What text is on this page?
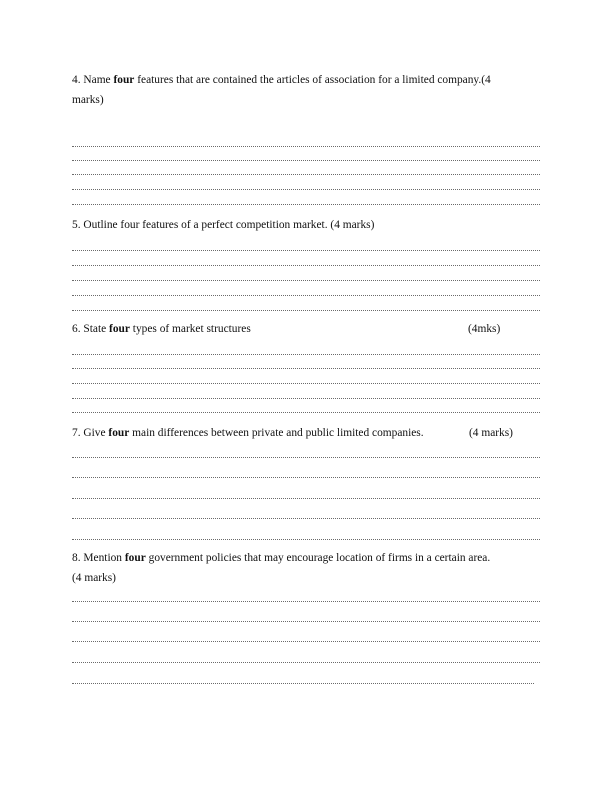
4. Name four features that are contained the articles of association for a limited company.(4
marks)
5. Outline four features of a perfect competition market. (4 marks)
6. State four types of market structures	(4mks)
7. Give four main differences between private and public limited companies.	(4 marks)
8. Mention four government policies that may encourage location of firms in a certain area.
(4 marks)
